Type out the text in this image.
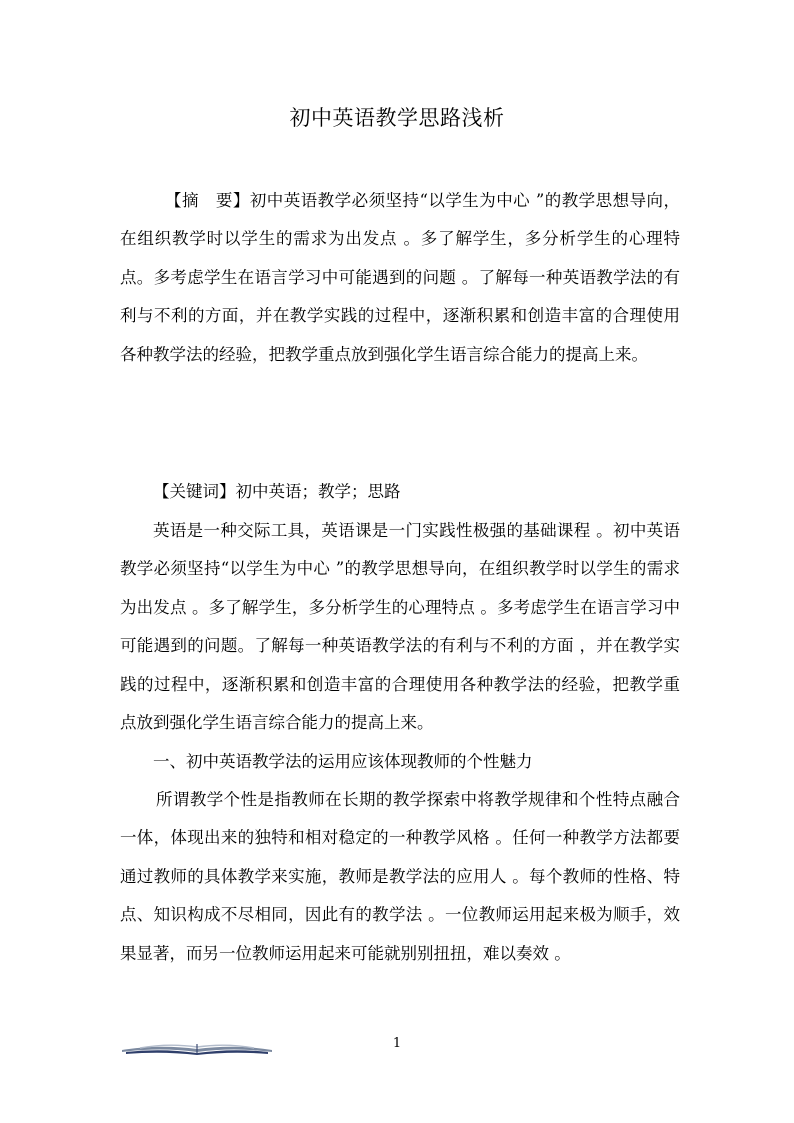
初中英语教学思路浅析

【摘　要】初中英语教学必须坚持“以学生为中心 ”的教学思想导向，在组织教学时以学生的需求为出发点 。多了解学生，多分析学生的心理特点。多考虑学生在语言学习中可能遇到的问题 。了解每一种英语教学法的有利与不利的方面，并在教学实践的过程中，逐渐积累和创造丰富的合理使用各种教学法的经验，把教学重点放到强化学生语言综合能力的提高上来。

【关键词】初中英语；教学；思路

英语是一种交际工具，英语课是一门实践性极强的基础课程 。初中英语教学必须坚持“以学生为中心 ”的教学思想导向，在组织教学时以学生的需求为出发点 。多了解学生，多分析学生的心理特点 。多考虑学生在语言学习中可能遇到的问题。了解每一种英语教学法的有利与不利的方面 ，并在教学实践的过程中，逐渐积累和创造丰富的合理使用各种教学法的经验，把教学重点放到强化学生语言综合能力的提高上来。

一、初中英语教学法的运用应该体现教师的个性魅力

所谓教学个性是指教师在长期的教学探索中将教学规律和个性特点融合一体，体现出来的独特和相对稳定的一种教学风格 。任何一种教学方法都要通过教师的具体教学来实施，教师是教学法的应用人 。每个教师的性格、特点、知识构成不尽相同，因此有的教学法 。一位教师运用起来极为顺手，效果显著，而另一位教师运用起来可能就别别扭扭，难以奏效 。

1
